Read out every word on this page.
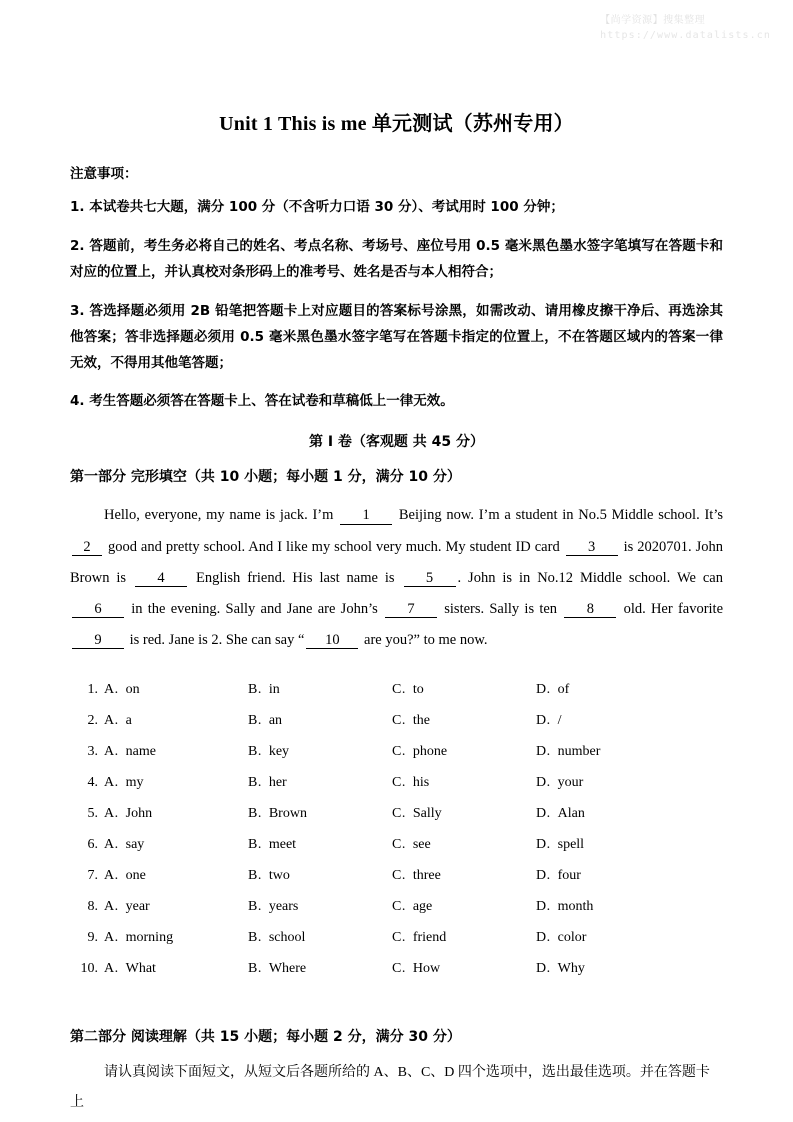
【尚学资源】搜集整理
https://www.datalists.cn
Unit 1 This is me 单元测试（苏州专用）
注意事项：
1. 本试卷共七大题，满分 100 分（不含听力口语 30 分）、考试用时 100 分钟；
2. 答题前，考生务必将自己的姓名、考点名称、考场号、座位号用 0.5 毫米黑色墨水签字笔填写在答题卡和对应的位置上，并认真校对条形码上的准考号、姓名是否与本人相符合；
3. 答选择题必须用 2B 铅笔把答题卡上对应题目的答案标号涂黑，如需改动、请用橡皮擦干净后、再选涂其他答案；答非选择题必须用 0.5 毫米黑色墨水签字笔写在答题卡指定的位置上，不在答题区域内的答案一律无效，不得用其他笔答题；
4. 考生答题必须答在答题卡上、答在试卷和草稿低上一律无效。
第 I 卷（客观题 共 45 分）
第一部分 完形填空（共 10 小题；每小题 1 分，满分 10 分）
Hello, everyone, my name is jack. I’m 1 Beijing now. I’m a student in No.5 Middle school. It’s 2 good and pretty school. And I like my school very much. My student ID card 3 is 2020701. John Brown is 4 English friend. His last name is 5 . John is in No.12 Middle school. We can 6 in the evening. Sally and Jane are John’s 7 sisters. Sally is ten 8 old. Her favorite 9 is red. Jane is 2. She can say “ 10 are you?” to me now.
1. A. on	B. in	C. to	D. of
2. A. a	B. an	C. the	D. /
3. A. name	B. key	C. phone	D. number
4. A. my	B. her	C. his	D. your
5. A. John	B. Brown	C. Sally	D. Alan
6. A. say	B. meet	C. see	D. spell
7. A. one	B. two	C. three	D. four
8. A. year	B. years	C. age	D. month
9. A. morning	B. school	C. friend	D. color
10. A. What	B. Where	C. How	D. Why
第二部分 阅读理解（共 15 小题；每小题 2 分，满分 30 分）
请认真阅读下面短文，从短文后各题所给的 A、B、C、D 四个选项中，选出最佳选项。并在答题卡上
